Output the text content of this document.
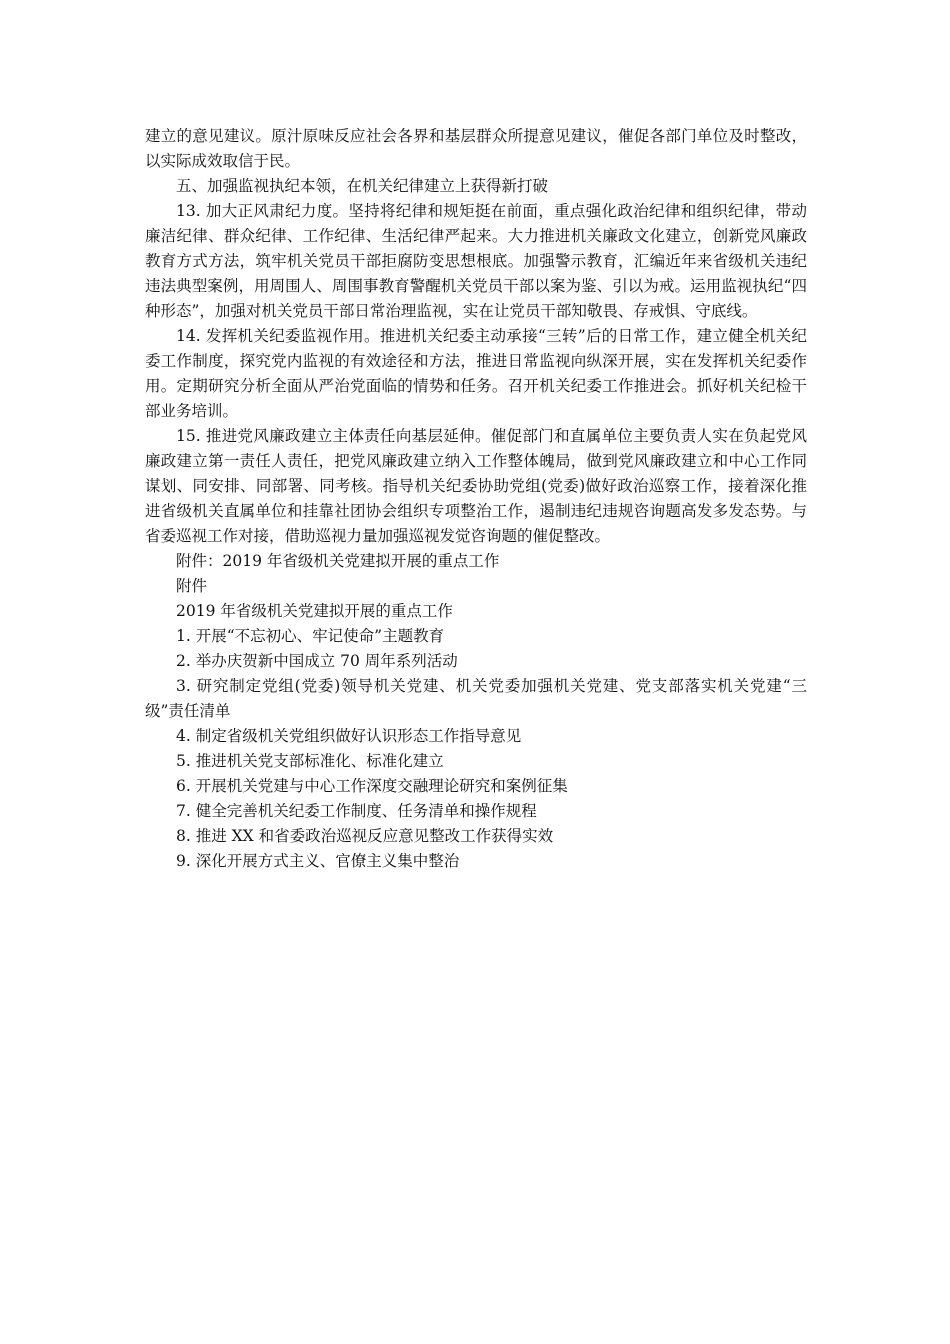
建立的意见建议。原汁原味反应社会各界和基层群众所提意见建议，催促各部门单位及时整改，以实际成效取信于民。

五、加强监视执纪本领，在机关纪律建立上获得新打破

13. 加大正风肃纪力度。坚持将纪律和规矩挺在前面，重点强化政治纪律和组织纪律，带动廉洁纪律、群众纪律、工作纪律、生活纪律严起来。大力推进机关廉政文化建立，创新党风廉政教育方式方法，筑牢机关党员干部拒腐防变思想根底。加强警示教育，汇编近年来省级机关违纪违法典型案例，用周围人、周围事教育警醒机关党员干部以案为鉴、引以为戒。运用监视执纪“四种形态”，加强对机关党员干部日常治理监视，实在让党员干部知敬畏、存戒惧、守底线。

14. 发挥机关纪委监视作用。推进机关纪委主动承接“三转”后的日常工作，建立健全机关纪委工作制度，探究党内监视的有效途径和方法，推进日常监视向纵深开展，实在发挥机关纪委作用。定期研究分析全面从严治党面临的情势和任务。召开机关纪委工作推进会。抓好机关纪检干部业务培训。

15. 推进党风廉政建立主体责任向基层延伸。催促部门和直属单位主要负责人实在负起党风廉政建立第一责任人责任，把党风廉政建立纳入工作整体魄局，做到党风廉政建立和中心工作同谋划、同安排、同部署、同考核。指导机关纪委协助党组(党委)做好政治巡察工作，接着深化推进省级机关直属单位和挂靠社团协会组织专项整治工作，遏制违纪违规咨询题高发多发态势。与省委巡视工作对接，借助巡视力量加强巡视发觉咨询题的催促整改。

附件：2019 年省级机关党建拟开展的重点工作

附件

2019 年省级机关党建拟开展的重点工作

1. 开展“不忘初心、牢记使命”主题教育

2. 举办庆贺新中国成立 70 周年系列活动

3. 研究制定党组(党委)领导机关党建、机关党委加强机关党建、党支部落实机关党建“三级”责任清单

4. 制定省级机关党组织做好认识形态工作指导意见

5. 推进机关党支部标准化、标准化建立

6. 开展机关党建与中心工作深度交融理论研究和案例征集

7. 健全完善机关纪委工作制度、任务清单和操作规程

8. 推进 XX 和省委政治巡视反应意见整改工作获得实效

9. 深化开展方式主义、官僚主义集中整治
